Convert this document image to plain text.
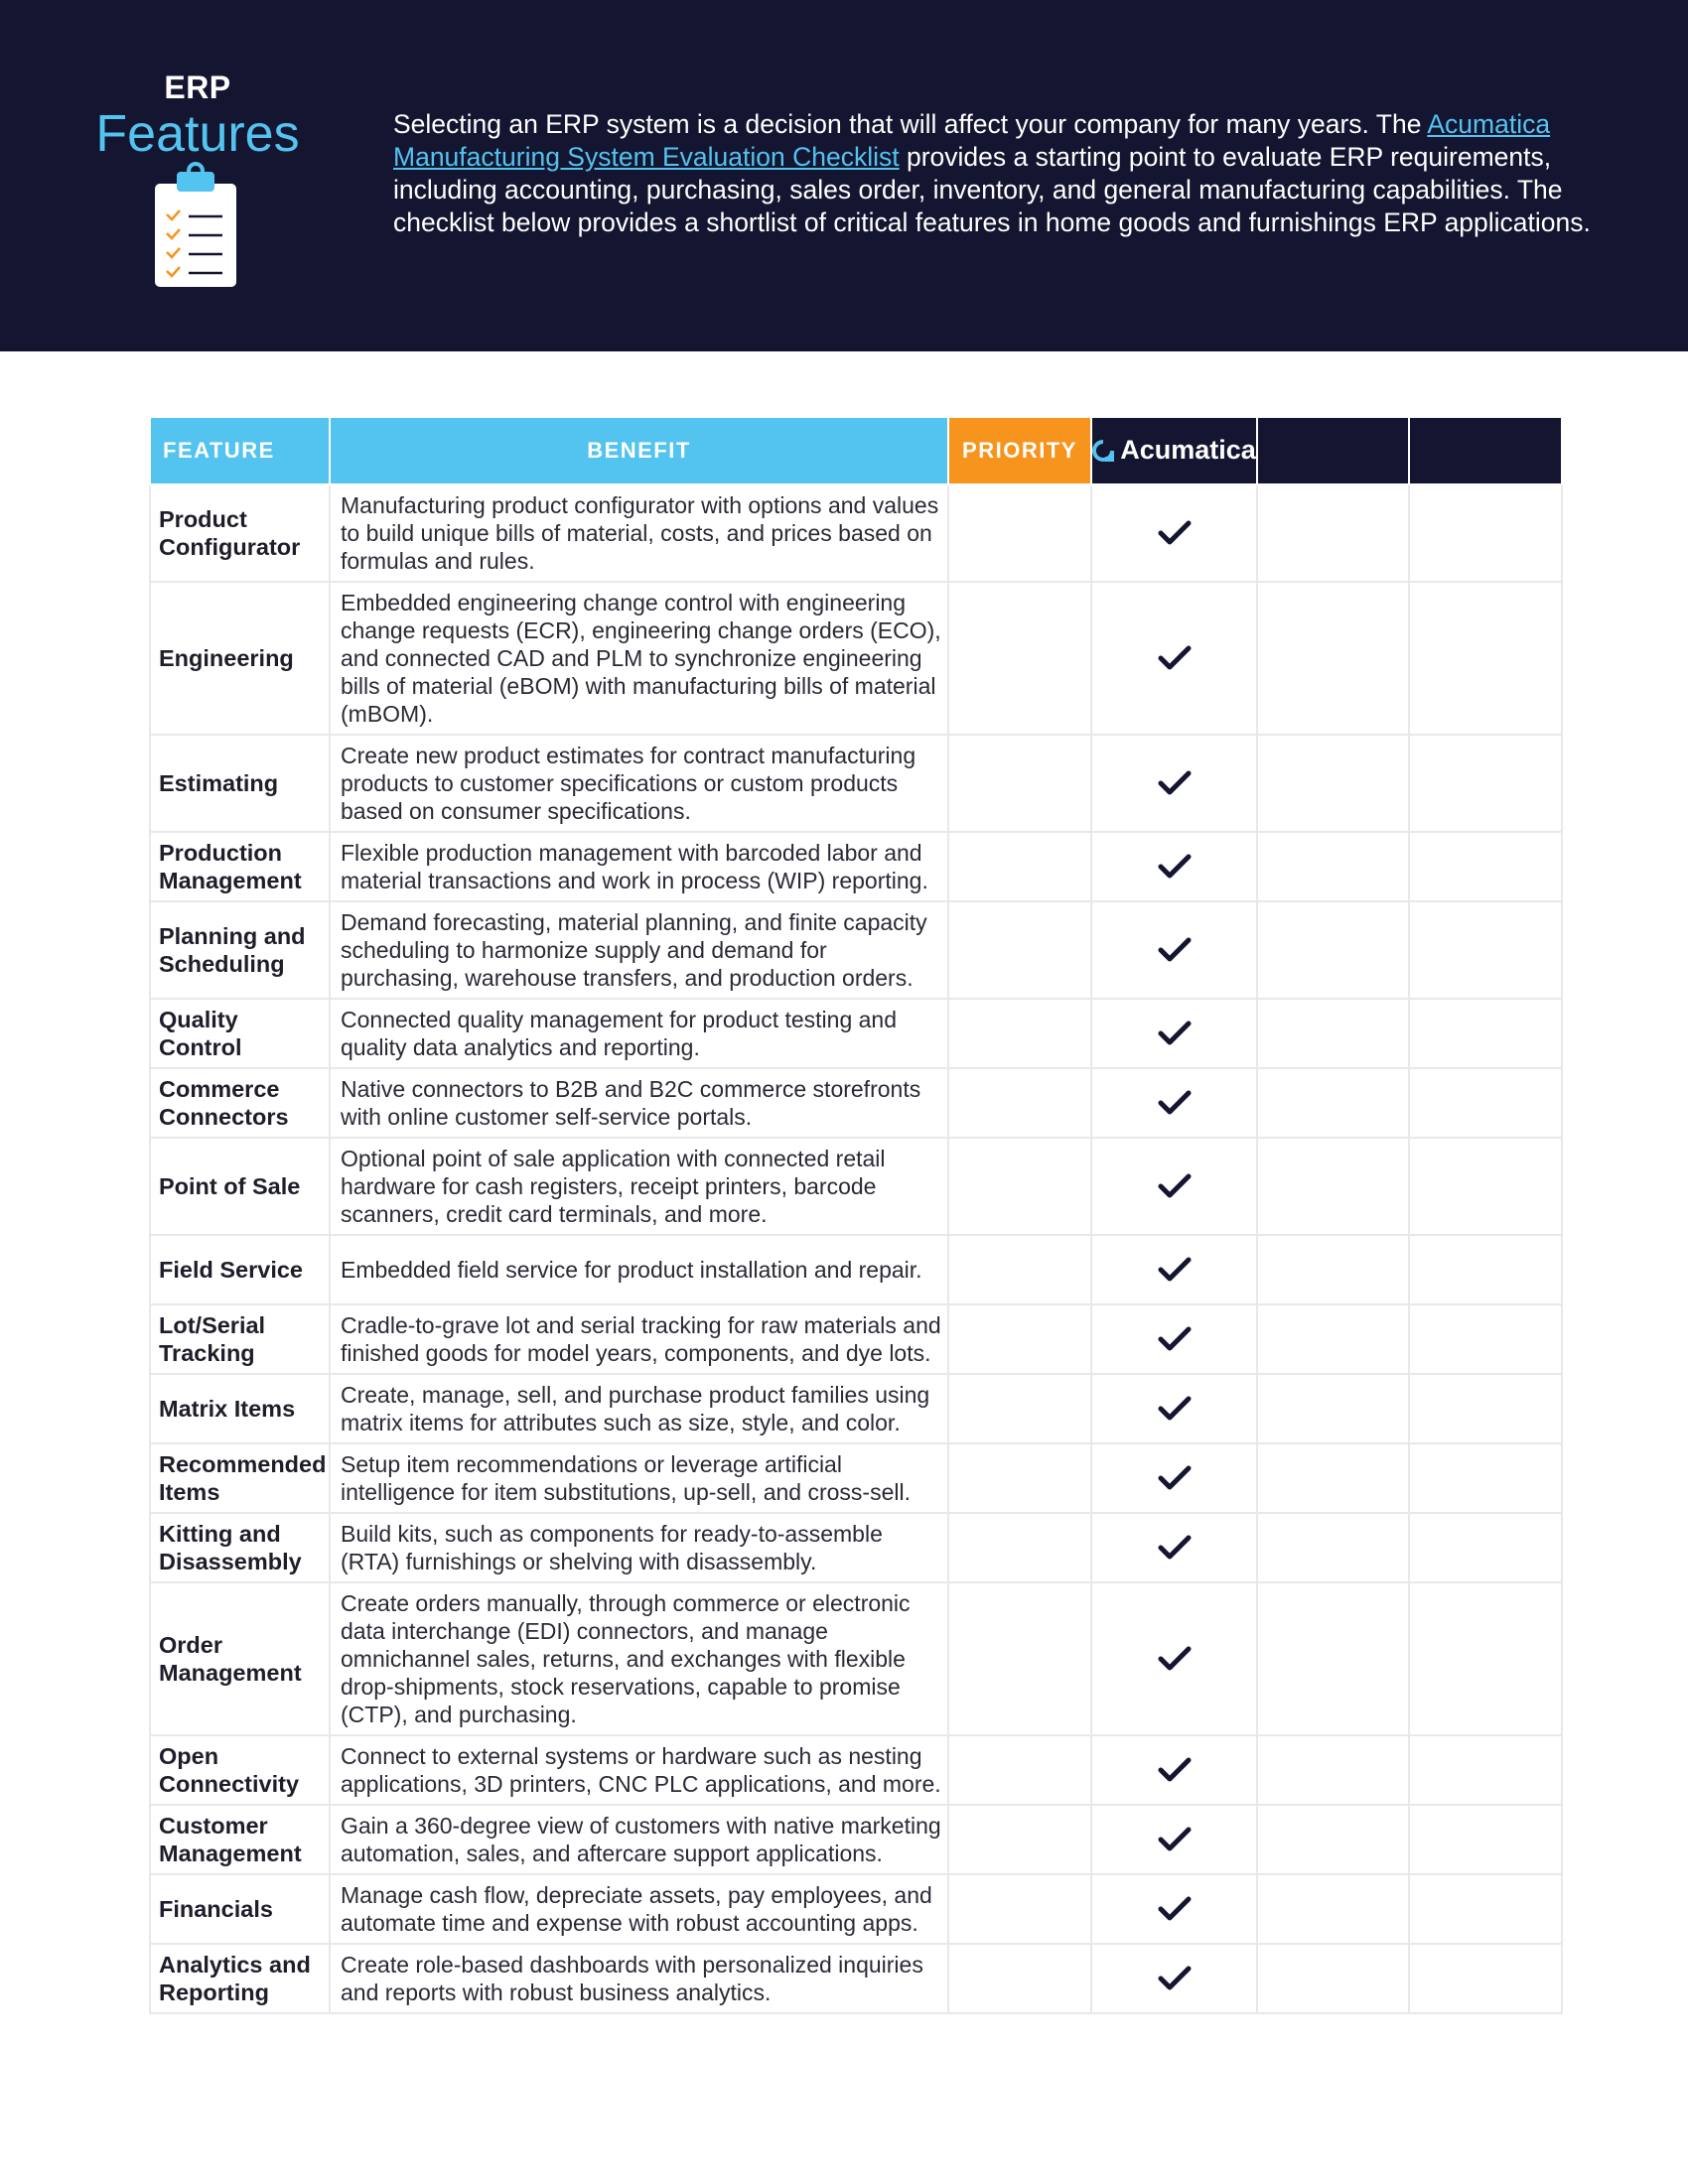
ERP
Features	Selecting an ERP system is a decision that will affect your company for many years. The Acumatica Manufacturing System Evaluation Checklist provides a starting point to evaluate ERP requirements, including accounting, purchasing, sales order, inventory, and general manufacturing capabilities. The checklist below provides a shortlist of critical features in home goods and furnishings ERP applications.

FEATURE	BENEFIT	PRIORITY	Acumatica		

Product Configurator	Manufacturing product configurator with options and values to build unique bills of material, costs, and prices based on formulas and rules.				
Engineering	Embedded engineering change control with engineering change requests (ECR), engineering change orders (ECO), and connected CAD and PLM to synchronize engineering bills of material (eBOM) with manufacturing bills of material (mBOM).				
Estimating	Create new product estimates for contract manufacturing products to customer specifications or custom products based on consumer specifications.				
Production Management	Flexible production management with barcoded labor and material transactions and work in process (WIP) reporting.				
Planning and Scheduling	Demand forecasting, material planning, and finite capacity scheduling to harmonize supply and demand for purchasing, warehouse transfers, and production orders.				
Quality Control	Connected quality management for product testing and quality data analytics and reporting.				
Commerce Connectors	Native connectors to B2B and B2C commerce storefronts with online customer self-service portals.				
Point of Sale	Optional point of sale application with connected retail hardware for cash registers, receipt printers, barcode scanners, credit card terminals, and more.				
Field Service	Embedded field service for product installation and repair.				
Lot/Serial Tracking	Cradle-to-grave lot and serial tracking for raw materials and finished goods for model years, components, and dye lots.				
Matrix Items	Create, manage, sell, and purchase product families using matrix items for attributes such as size, style, and color.				
Recommended Items	Setup item recommendations or leverage artificial intelligence for item substitutions, up-sell, and cross-sell.				
Kitting and Disassembly	Build kits, such as components for ready-to-assemble (RTA) furnishings or shelving with disassembly.				
Order Management	Create orders manually, through commerce or electronic data interchange (EDI) connectors, and manage omnichannel sales, returns, and exchanges with flexible drop-shipments, stock reservations, capable to promise (CTP), and purchasing.				
Open Connectivity	Connect to external systems or hardware such as nesting applications, 3D printers, CNC PLC applications, and more.				
Customer Management	Gain a 360-degree view of customers with native marketing automation, sales, and aftercare support applications.				
Financials	Manage cash flow, depreciate assets, pay employees, and automate time and expense with robust accounting apps.				
Analytics and Reporting	Create role-based dashboards with personalized inquiries and reports with robust business analytics.				
